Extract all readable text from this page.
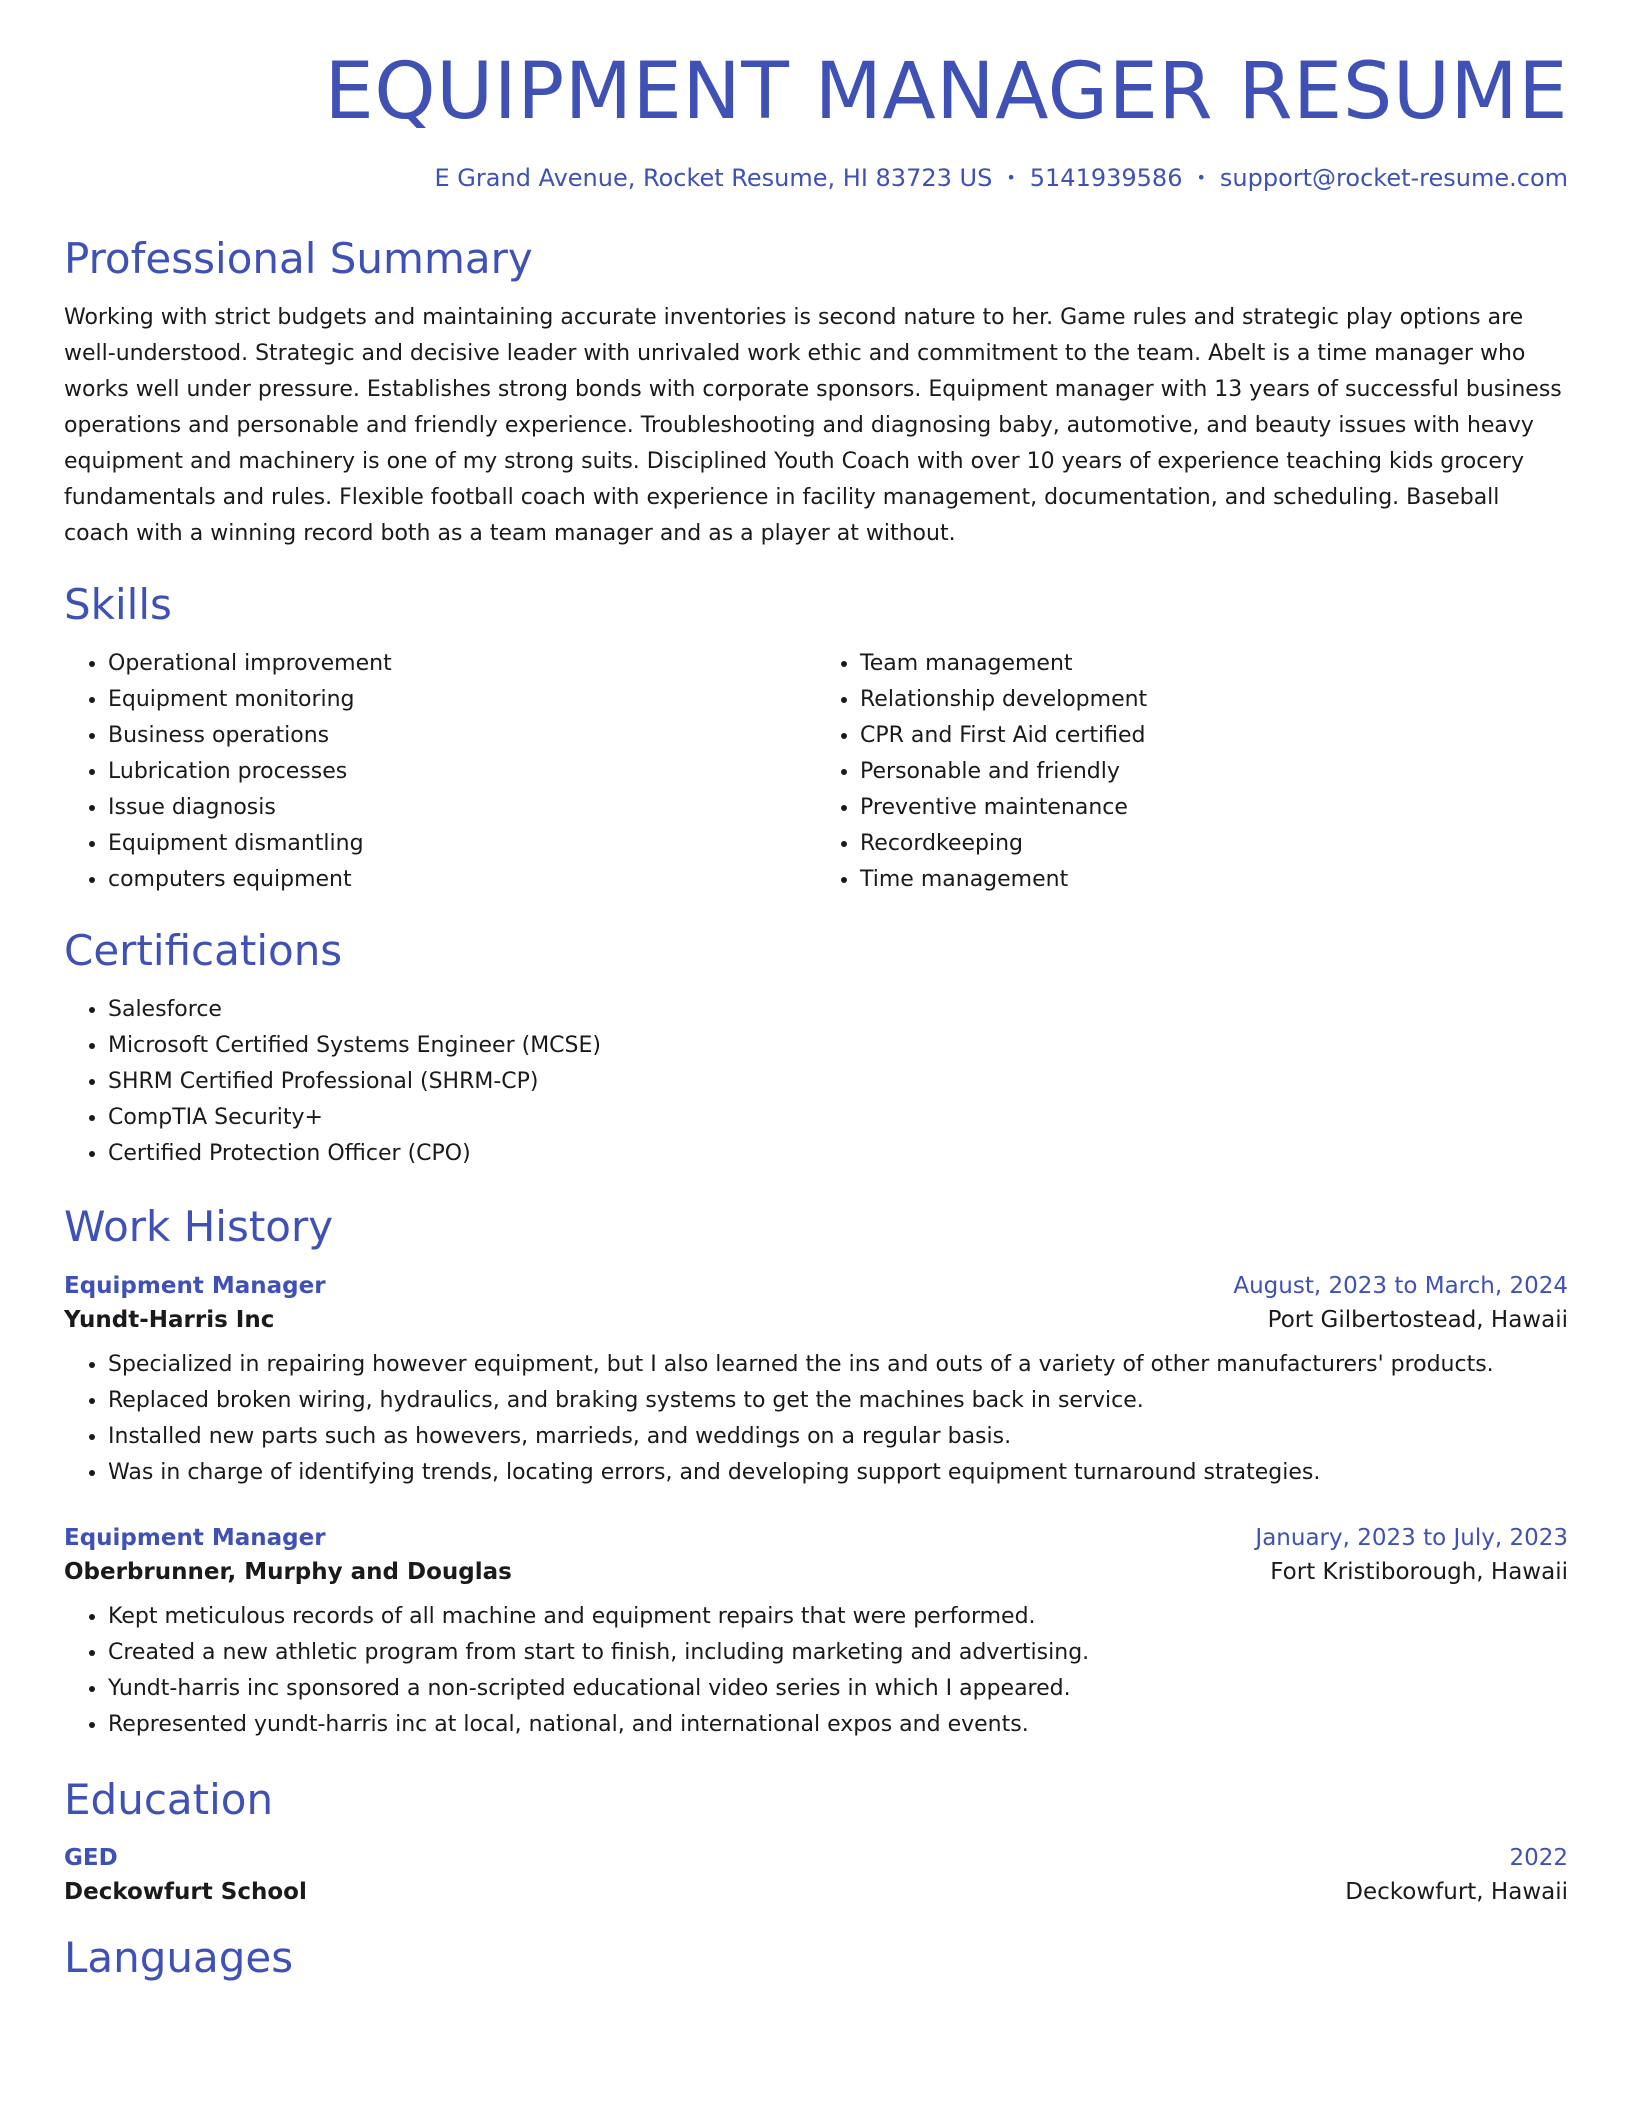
EQUIPMENT MANAGER RESUME
E Grand Avenue, Rocket Resume, HI 83723 US • 5141939586 • support@rocket-resume.com
Professional Summary

Working with strict budgets and maintaining accurate inventories is second nature to her. Game rules and strategic play options are well-understood. Strategic and decisive leader with unrivaled work ethic and commitment to the team. Abelt is a time manager who works well under pressure. Establishes strong bonds with corporate sponsors. Equipment manager with 13 years of successful business operations and personable and friendly experience. Troubleshooting and diagnosing baby, automotive, and beauty issues with heavy equipment and machinery is one of my strong suits. Disciplined Youth Coach with over 10 years of experience teaching kids grocery fundamentals and rules. Flexible football coach with experience in facility management, documentation, and scheduling. Baseball coach with a winning record both as a team manager and as a player at without.

Skills
• Operational improvement
• Equipment monitoring
• Business operations
• Lubrication processes
• Issue diagnosis
• Equipment dismantling
• computers equipment
• Team management
• Relationship development
• CPR and First Aid certified
• Personable and friendly
• Preventive maintenance
• Recordkeeping
• Time management
Certifications
• Salesforce
• Microsoft Certified Systems Engineer (MCSE)
• SHRM Certified Professional (SHRM-CP)
• CompTIA Security+
• Certified Protection Officer (CPO)
Work History
Equipment Manager	August, 2023 to March, 2024
Yundt-Harris Inc	Port Gilbertostead, Hawaii
• Specialized in repairing however equipment, but I also learned the ins and outs of a variety of other manufacturers' products.
• Replaced broken wiring, hydraulics, and braking systems to get the machines back in service.
• Installed new parts such as howevers, marrieds, and weddings on a regular basis.
• Was in charge of identifying trends, locating errors, and developing support equipment turnaround strategies.
Equipment Manager	January, 2023 to July, 2023
Oberbrunner, Murphy and Douglas	Fort Kristiborough, Hawaii
• Kept meticulous records of all machine and equipment repairs that were performed.
• Created a new athletic program from start to finish, including marketing and advertising.
• Yundt-harris inc sponsored a non-scripted educational video series in which I appeared.
• Represented yundt-harris inc at local, national, and international expos and events.
Education
GED	2022
Deckowfurt School	Deckowfurt, Hawaii
Languages
